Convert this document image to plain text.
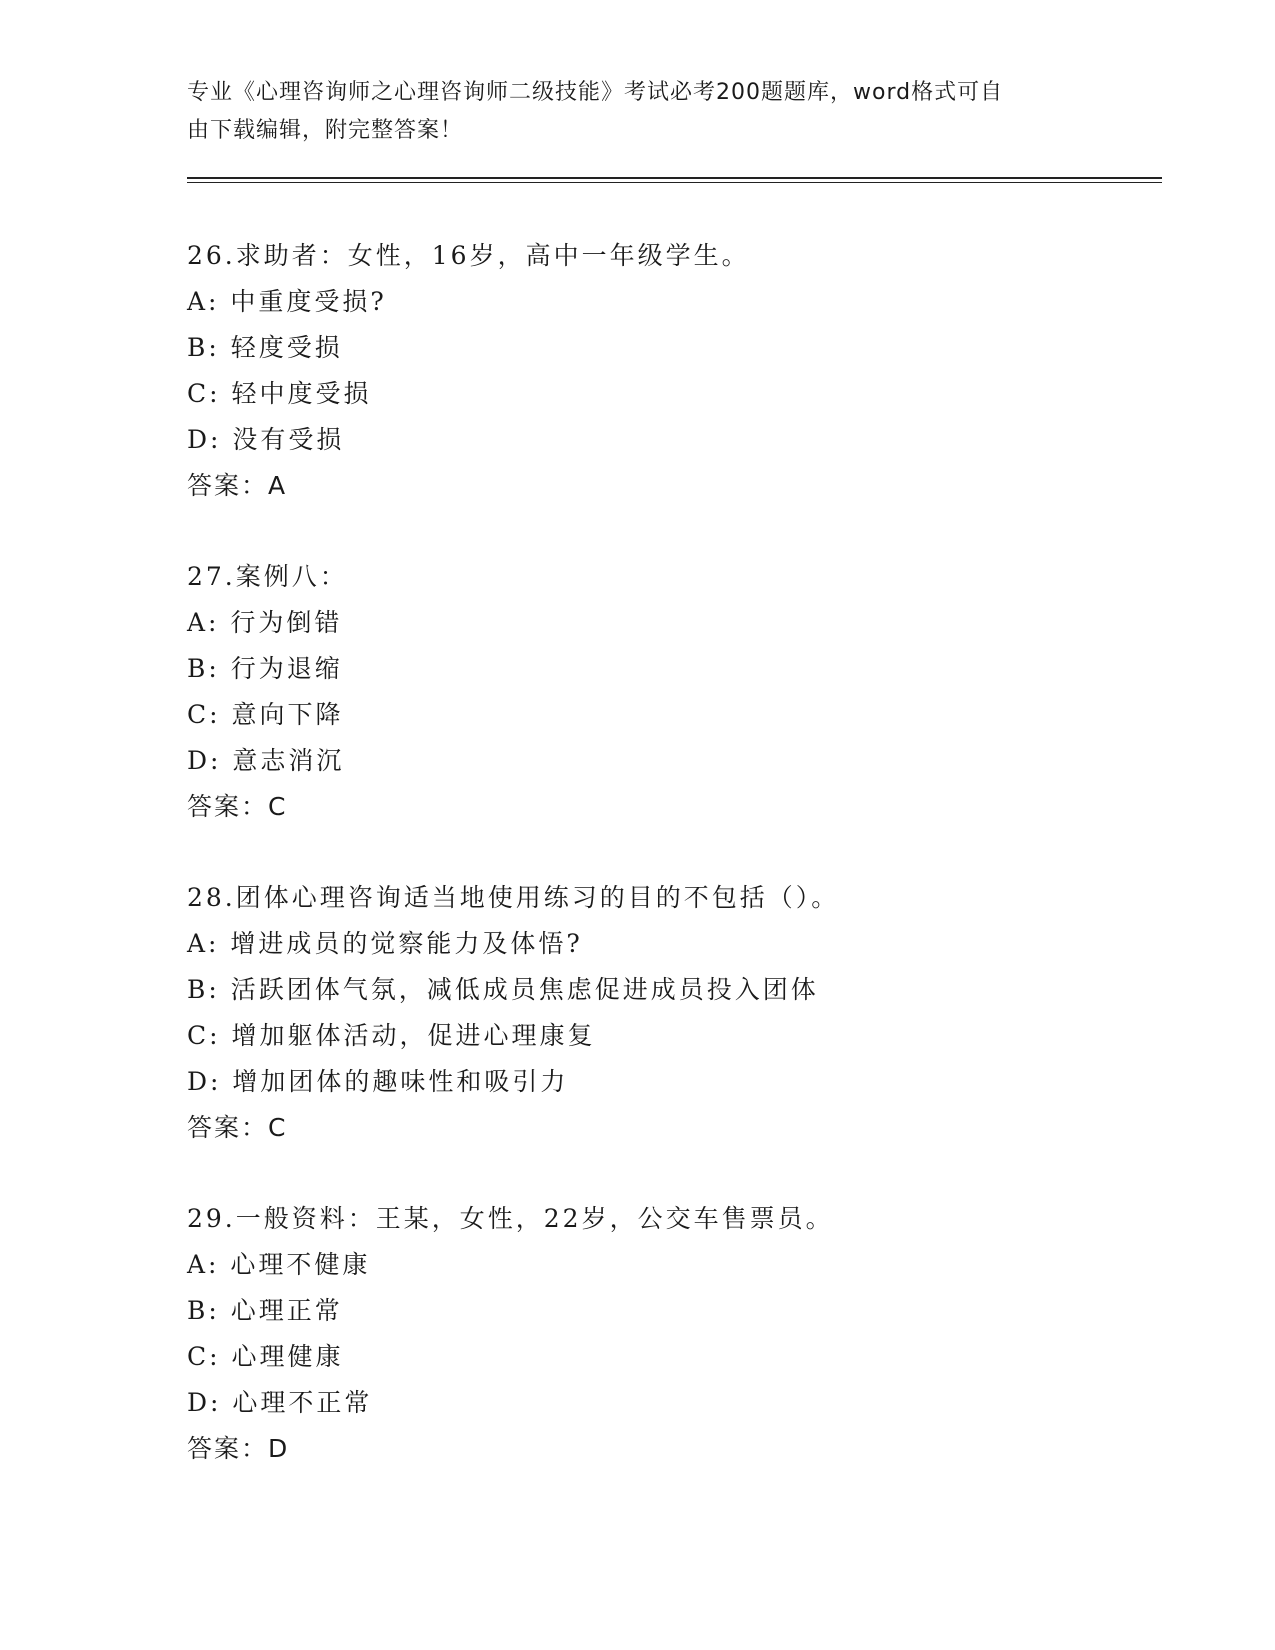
专业《心理咨询师之心理咨询师二级技能》考试必考200题题库，word格式可自
由下载编辑，附完整答案！
26.求助者：女性，16岁，高中一年级学生。
A: 中重度受损?
B: 轻度受损
C: 轻中度受损
D: 没有受损
答案：A
27.案例八：
A: 行为倒错
B: 行为退缩
C: 意向下降
D: 意志消沉
答案：C
28.团体心理咨询适当地使用练习的目的不包括（）。
A: 增进成员的觉察能力及体悟?
B: 活跃团体气氛，减低成员焦虑促进成员投入团体
C: 增加躯体活动，促进心理康复
D: 增加团体的趣味性和吸引力
答案：C
29.一般资料：王某，女性，22岁，公交车售票员。
A: 心理不健康
B: 心理正常
C: 心理健康
D: 心理不正常
答案：D
